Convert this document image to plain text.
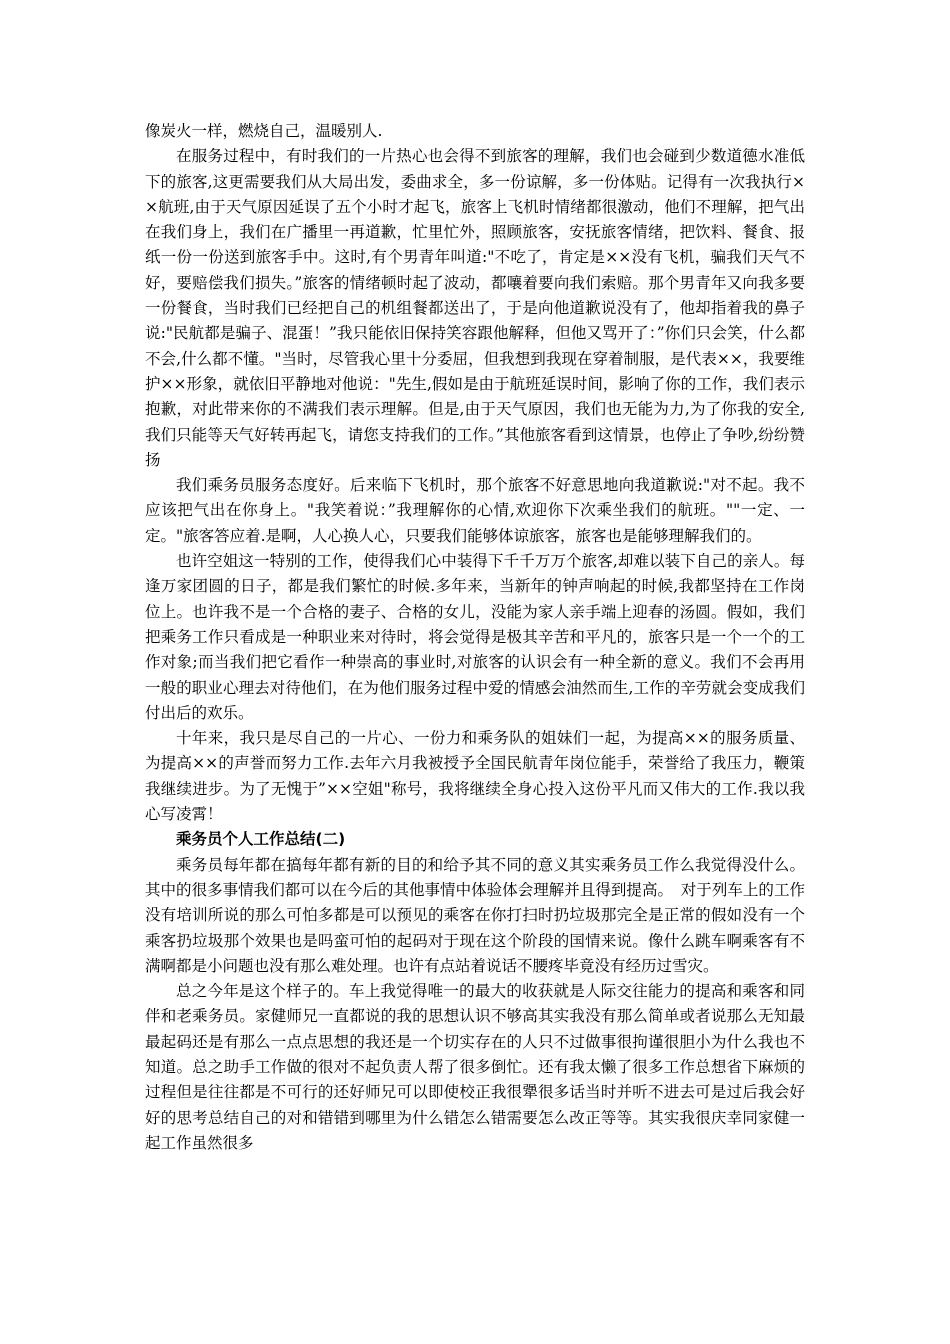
像炭火一样，燃烧自己，温暖别人.

在服务过程中，有时我们的一片热心也会得不到旅客的理解，我们也会碰到少数道德水准低下的旅客,这更需要我们从大局出发，委曲求全，多一份谅解，多一份体贴。记得有一次我执行××航班,由于天气原因延误了五个小时才起飞，旅客上飞机时情绪都很激动，他们不理解，把气出在我们身上，我们在广播里一再道歉，忙里忙外，照顾旅客，安抚旅客情绪，把饮料、餐食、报纸一份一份送到旅客手中。这时,有个男青年叫道:"不吃了，肯定是××没有飞机，骗我们天气不好，要赔偿我们损失。”旅客的情绪顿时起了波动，都嚷着要向我们索赔。那个男青年又向我多要一份餐食，当时我们已经把自己的机组餐都送出了，于是向他道歉说没有了，他却指着我的鼻子说:"民航都是骗子、混蛋！”我只能依旧保持笑容跟他解释，但他又骂开了：”你们只会笑，什么都不会,什么都不懂。"当时，尽管我心里十分委屈，但我想到我现在穿着制服，是代表××，我要维护××形象，就依旧平静地对他说："先生,假如是由于航班延误时间，影响了你的工作，我们表示抱歉，对此带来你的不满我们表示理解。但是,由于天气原因，我们也无能为力,为了你我的安全,我们只能等天气好转再起飞，请您支持我们的工作。”其他旅客看到这情景，也停止了争吵,纷纷赞扬

我们乘务员服务态度好。后来临下飞机时，那个旅客不好意思地向我道歉说:"对不起。我不应该把气出在你身上。"我笑着说：”我理解你的心情,欢迎你下次乘坐我们的航班。""一定、一定。"旅客答应着.是啊，人心换人心，只要我们能够体谅旅客，旅客也是能够理解我们的。

也许空姐这一特别的工作，使得我们心中装得下千千万万个旅客,却难以装下自己的亲人。每逢万家团圆的日子，都是我们繁忙的时候.多年来，当新年的钟声响起的时候,我都坚持在工作岗位上。也许我不是一个合格的妻子、合格的女儿，没能为家人亲手端上迎春的汤圆。假如，我们把乘务工作只看成是一种职业来对待时，将会觉得是极其辛苦和平凡的，旅客只是一个一个的工作对象;而当我们把它看作一种崇高的事业时,对旅客的认识会有一种全新的意义。我们不会再用一般的职业心理去对待他们，在为他们服务过程中爱的情感会油然而生,工作的辛劳就会变成我们付出后的欢乐。

十年来，我只是尽自己的一片心、一份力和乘务队的姐妹们一起，为提高××的服务质量、为提高××的声誉而努力工作.去年六月我被授予全国民航青年岗位能手，荣誉给了我压力，鞭策我继续进步。为了无愧于”××空姐"称号，我将继续全身心投入这份平凡而又伟大的工作.我以我心写凌霄！

乘务员个人工作总结(二)

乘务员每年都在搞每年都有新的目的和给予其不同的意义其实乘务员工作么我觉得没什么。其中的很多事情我们都可以在今后的其他事情中体验体会理解并且得到提高。　对于列车上的工作没有培训所说的那么可怕多都是可以预见的乘客在你打扫时扔垃圾那完全是正常的假如没有一个乘客扔垃圾那个效果也是吗蛮可怕的起码对于现在这个阶段的国情来说。像什么跳车啊乘客有不满啊都是小问题也没有那么难处理。也许有点站着说话不腰疼毕竟没有经历过雪灾。

总之今年是这个样子的。车上我觉得唯一的最大的收获就是人际交往能力的提高和乘客和同伴和老乘务员。家健师兄一直都说的我的思想认识不够高其实我没有那么简单或者说那么无知最最起码还是有那么一点点思想的我还是一个切实存在的人只不过做事很拘谨很胆小为什么我也不知道。总之助手工作做的很对不起负责人帮了很多倒忙。还有我太懒了很多工作总想省下麻烦的过程但是往往都是不可行的还好师兄可以即使校正我很犟很多话当时并听不进去可是过后我会好好的思考总结自己的对和错错到哪里为什么错怎么错需要怎么改正等等。其实我很庆幸同家健一起工作虽然很多
